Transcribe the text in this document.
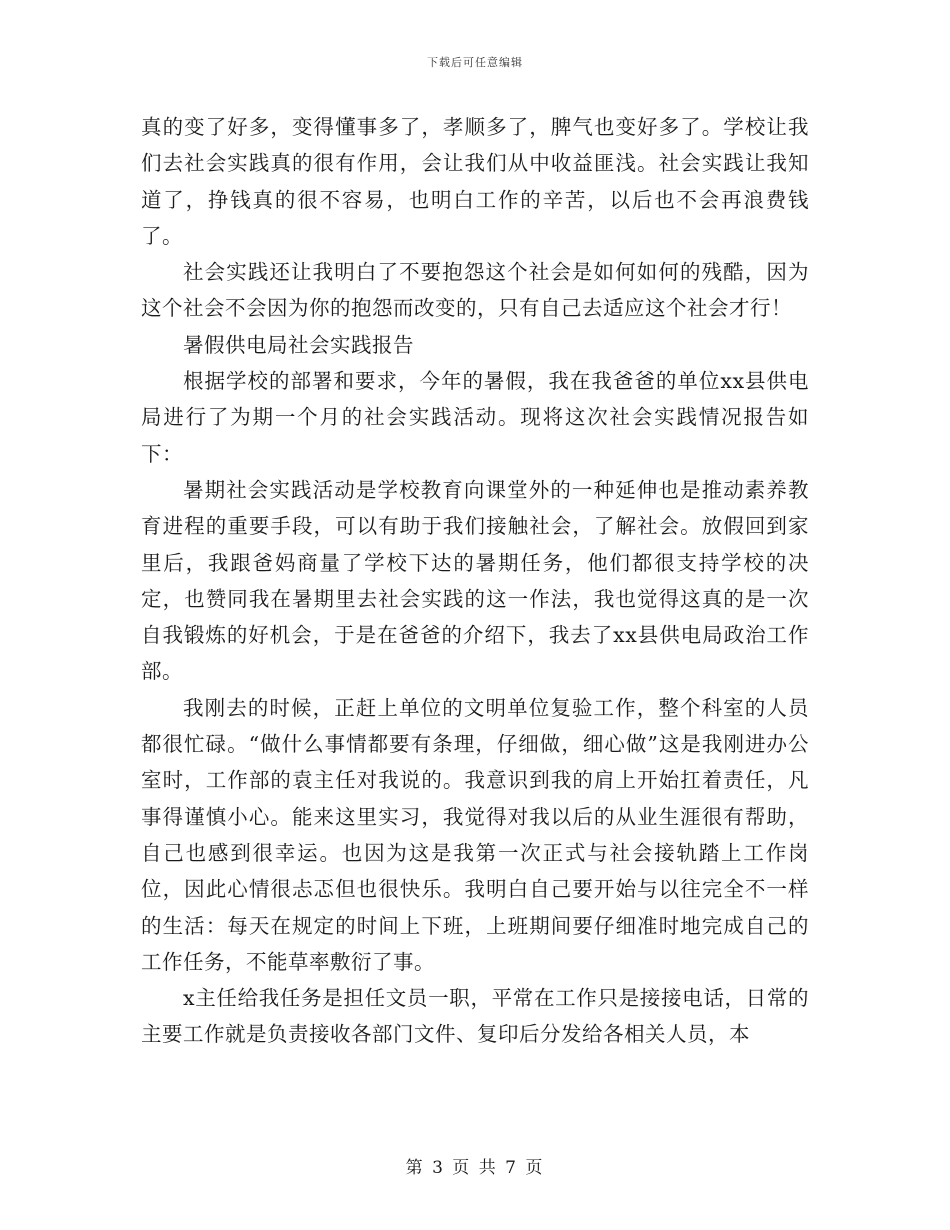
下载后可任意编辑

真的变了好多，变得懂事多了，孝顺多了，脾气也变好多了。学校让我们去社会实践真的很有作用，会让我们从中收益匪浅。社会实践让我知道了，挣钱真的很不容易，也明白工作的辛苦，以后也不会再浪费钱了。

社会实践还让我明白了不要抱怨这个社会是如何如何的残酷，因为这个社会不会因为你的抱怨而改变的，只有自己去适应这个社会才行！

暑假供电局社会实践报告

根据学校的部署和要求，今年的暑假，我在我爸爸的单位xx县供电局进行了为期一个月的社会实践活动。现将这次社会实践情况报告如下：

暑期社会实践活动是学校教育向课堂外的一种延伸也是推动素养教育进程的重要手段，可以有助于我们接触社会，了解社会。放假回到家里后，我跟爸妈商量了学校下达的暑期任务，他们都很支持学校的决定，也赞同我在暑期里去社会实践的这一作法，我也觉得这真的是一次自我锻炼的好机会，于是在爸爸的介绍下，我去了xx县供电局政治工作部。

我刚去的时候，正赶上单位的文明单位复验工作，整个科室的人员都很忙碌。“做什么事情都要有条理，仔细做，细心做”这是我刚进办公室时，工作部的袁主任对我说的。我意识到我的肩上开始扛着责任，凡事得谨慎小心。能来这里实习，我觉得对我以后的从业生涯很有帮助，自己也感到很幸运。也因为这是我第一次正式与社会接轨踏上工作岗位，因此心情很忐忑但也很快乐。我明白自己要开始与以往完全不一样的生活：每天在规定的时间上下班，上班期间要仔细准时地完成自己的工作任务，不能草率敷衍了事。

x主任给我任务是担任文员一职，平常在工作只是接接电话，日常的主要工作就是负责接收各部门文件、复印后分发给各相关人员，本

第 3 页 共 7 页
